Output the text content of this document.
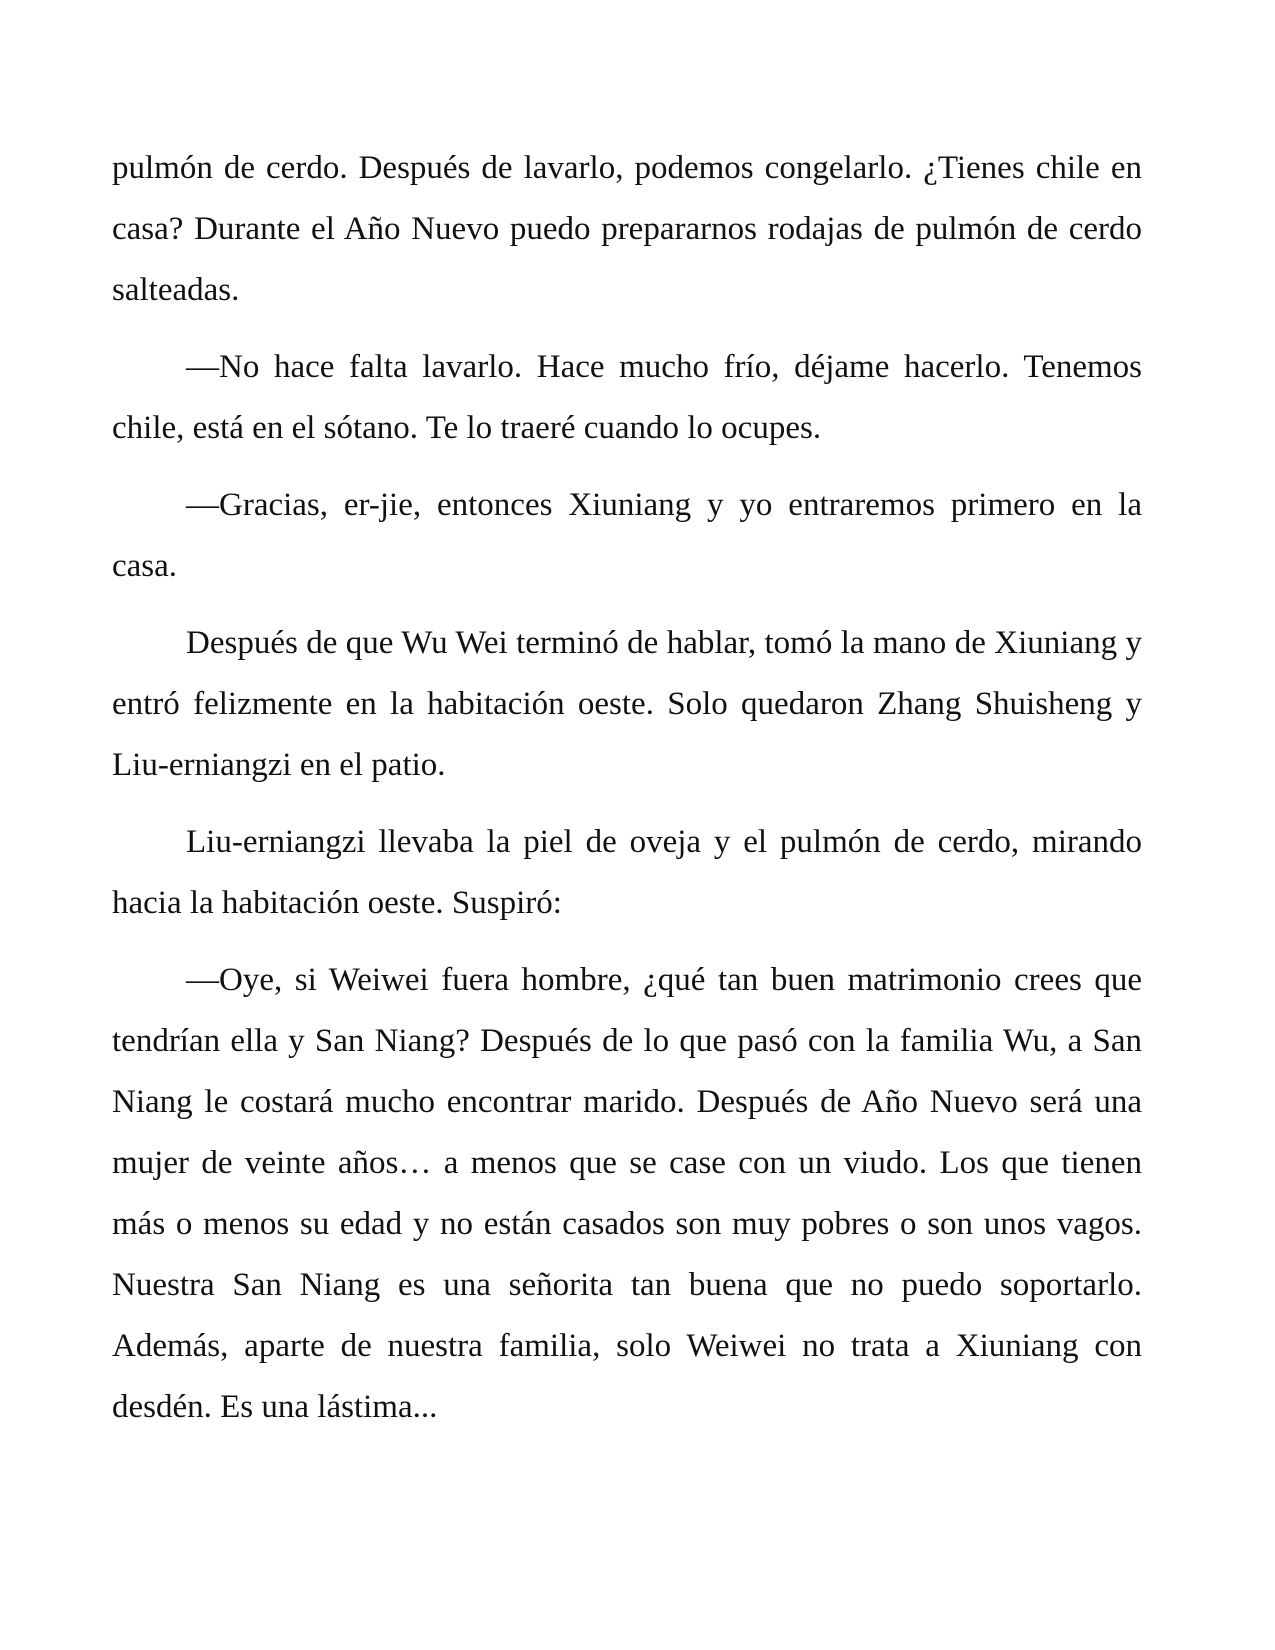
pulmón de cerdo. Después de lavarlo, podemos congelarlo. ¿Tienes chile en casa? Durante el Año Nuevo puedo prepararnos rodajas de pulmón de cerdo salteadas.

—No hace falta lavarlo. Hace mucho frío, déjame hacerlo. Tenemos chile, está en el sótano. Te lo traeré cuando lo ocupes.

—Gracias, er-jie, entonces Xiuniang y yo entraremos primero en la casa.

Después de que Wu Wei terminó de hablar, tomó la mano de Xiuniang y entró felizmente en la habitación oeste. Solo quedaron Zhang Shuisheng y Liu-erniangzi en el patio.

Liu-erniangzi llevaba la piel de oveja y el pulmón de cerdo, mirando hacia la habitación oeste. Suspiró:

—Oye, si Weiwei fuera hombre, ¿qué tan buen matrimonio crees que tendrían ella y San Niang? Después de lo que pasó con la familia Wu, a San Niang le costará mucho encontrar marido. Después de Año Nuevo será una mujer de veinte años… a menos que se case con un viudo. Los que tienen más o menos su edad y no están casados son muy pobres o son unos vagos. Nuestra San Niang es una señorita tan buena que no puedo soportarlo. Además, aparte de nuestra familia, solo Weiwei no trata a Xiuniang con desdén. Es una lástima...
